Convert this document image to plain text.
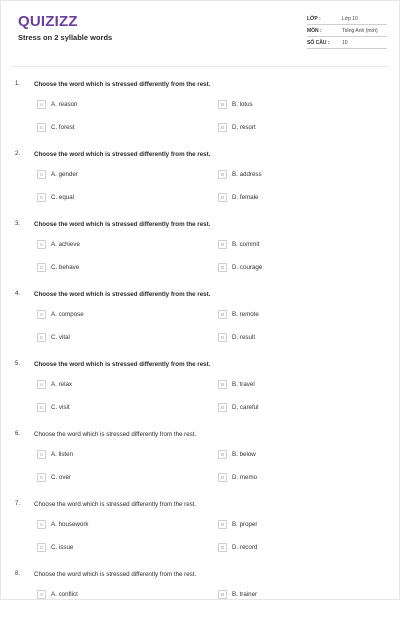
QUIZIZZ
Stress on 2 syllable words
LỚP :	Lớp 10
MÔN :	Tiếng Anh (mới)
SỐ CÂU :	10
1. Choose the word which is stressed differently from the rest.
A	A. reason	B	B. lotus
C	C. forest	D	D. resort
2. Choose the word which is stressed differently from the rest.
A	A. gender	B	B. address
C	C. equal	D	D. female
3. Choose the word which is stressed differently from the rest.
A	A. achieve	B	B. commit
C	C. behave	D	D. courage
4. Choose the word which is stressed differently from the rest.
A	A. compose	B	B. remote
C	C. vital	D	D. result
5. Choose the word which is stressed differently from the rest.
A	A. relax	B	B. travel
C	C. visit	D	D. careful
6. Choose the word which is stressed differently from the rest.
A	A. listen	B	B. below
C	C. over	D	D. memo
7. Choose the word which is stressed differently from the rest.
A	A. housework	B	B. proper
C	C. issue	D	D. record
8. Choose the word which is stressed differently from the rest.
A	A. conflict	B	B. trainer
